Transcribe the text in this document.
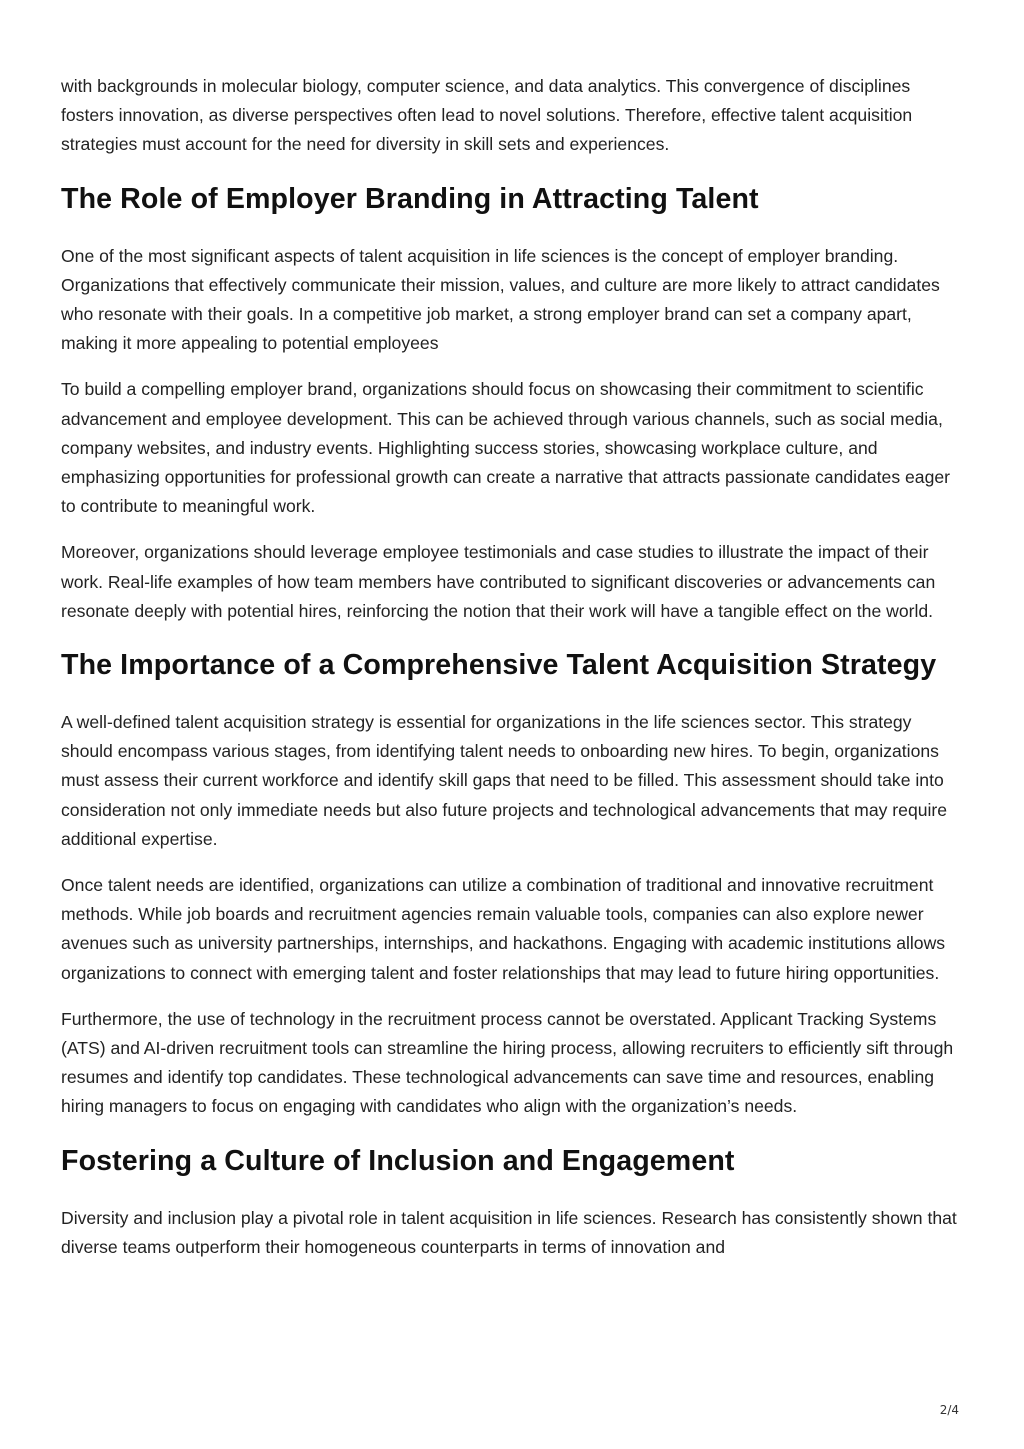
with backgrounds in molecular biology, computer science, and data analytics. This convergence of disciplines fosters innovation, as diverse perspectives often lead to novel solutions. Therefore, effective talent acquisition strategies must account for the need for diversity in skill sets and experiences.

The Role of Employer Branding in Attracting Talent

One of the most significant aspects of talent acquisition in life sciences is the concept of employer branding. Organizations that effectively communicate their mission, values, and culture are more likely to attract candidates who resonate with their goals. In a competitive job market, a strong employer brand can set a company apart, making it more appealing to potential employees

To build a compelling employer brand, organizations should focus on showcasing their commitment to scientific advancement and employee development. This can be achieved through various channels, such as social media, company websites, and industry events. Highlighting success stories, showcasing workplace culture, and emphasizing opportunities for professional growth can create a narrative that attracts passionate candidates eager to contribute to meaningful work.

Moreover, organizations should leverage employee testimonials and case studies to illustrate the impact of their work. Real-life examples of how team members have contributed to significant discoveries or advancements can resonate deeply with potential hires, reinforcing the notion that their work will have a tangible effect on the world.

The Importance of a Comprehensive Talent Acquisition Strategy

A well-defined talent acquisition strategy is essential for organizations in the life sciences sector. This strategy should encompass various stages, from identifying talent needs to onboarding new hires. To begin, organizations must assess their current workforce and identify skill gaps that need to be filled. This assessment should take into consideration not only immediate needs but also future projects and technological advancements that may require additional expertise.

Once talent needs are identified, organizations can utilize a combination of traditional and innovative recruitment methods. While job boards and recruitment agencies remain valuable tools, companies can also explore newer avenues such as university partnerships, internships, and hackathons. Engaging with academic institutions allows organizations to connect with emerging talent and foster relationships that may lead to future hiring opportunities.

Furthermore, the use of technology in the recruitment process cannot be overstated. Applicant Tracking Systems (ATS) and AI-driven recruitment tools can streamline the hiring process, allowing recruiters to efficiently sift through resumes and identify top candidates. These technological advancements can save time and resources, enabling hiring managers to focus on engaging with candidates who align with the organization’s needs.

Fostering a Culture of Inclusion and Engagement

Diversity and inclusion play a pivotal role in talent acquisition in life sciences. Research has consistently shown that diverse teams outperform their homogeneous counterparts in terms of innovation and

2/4
